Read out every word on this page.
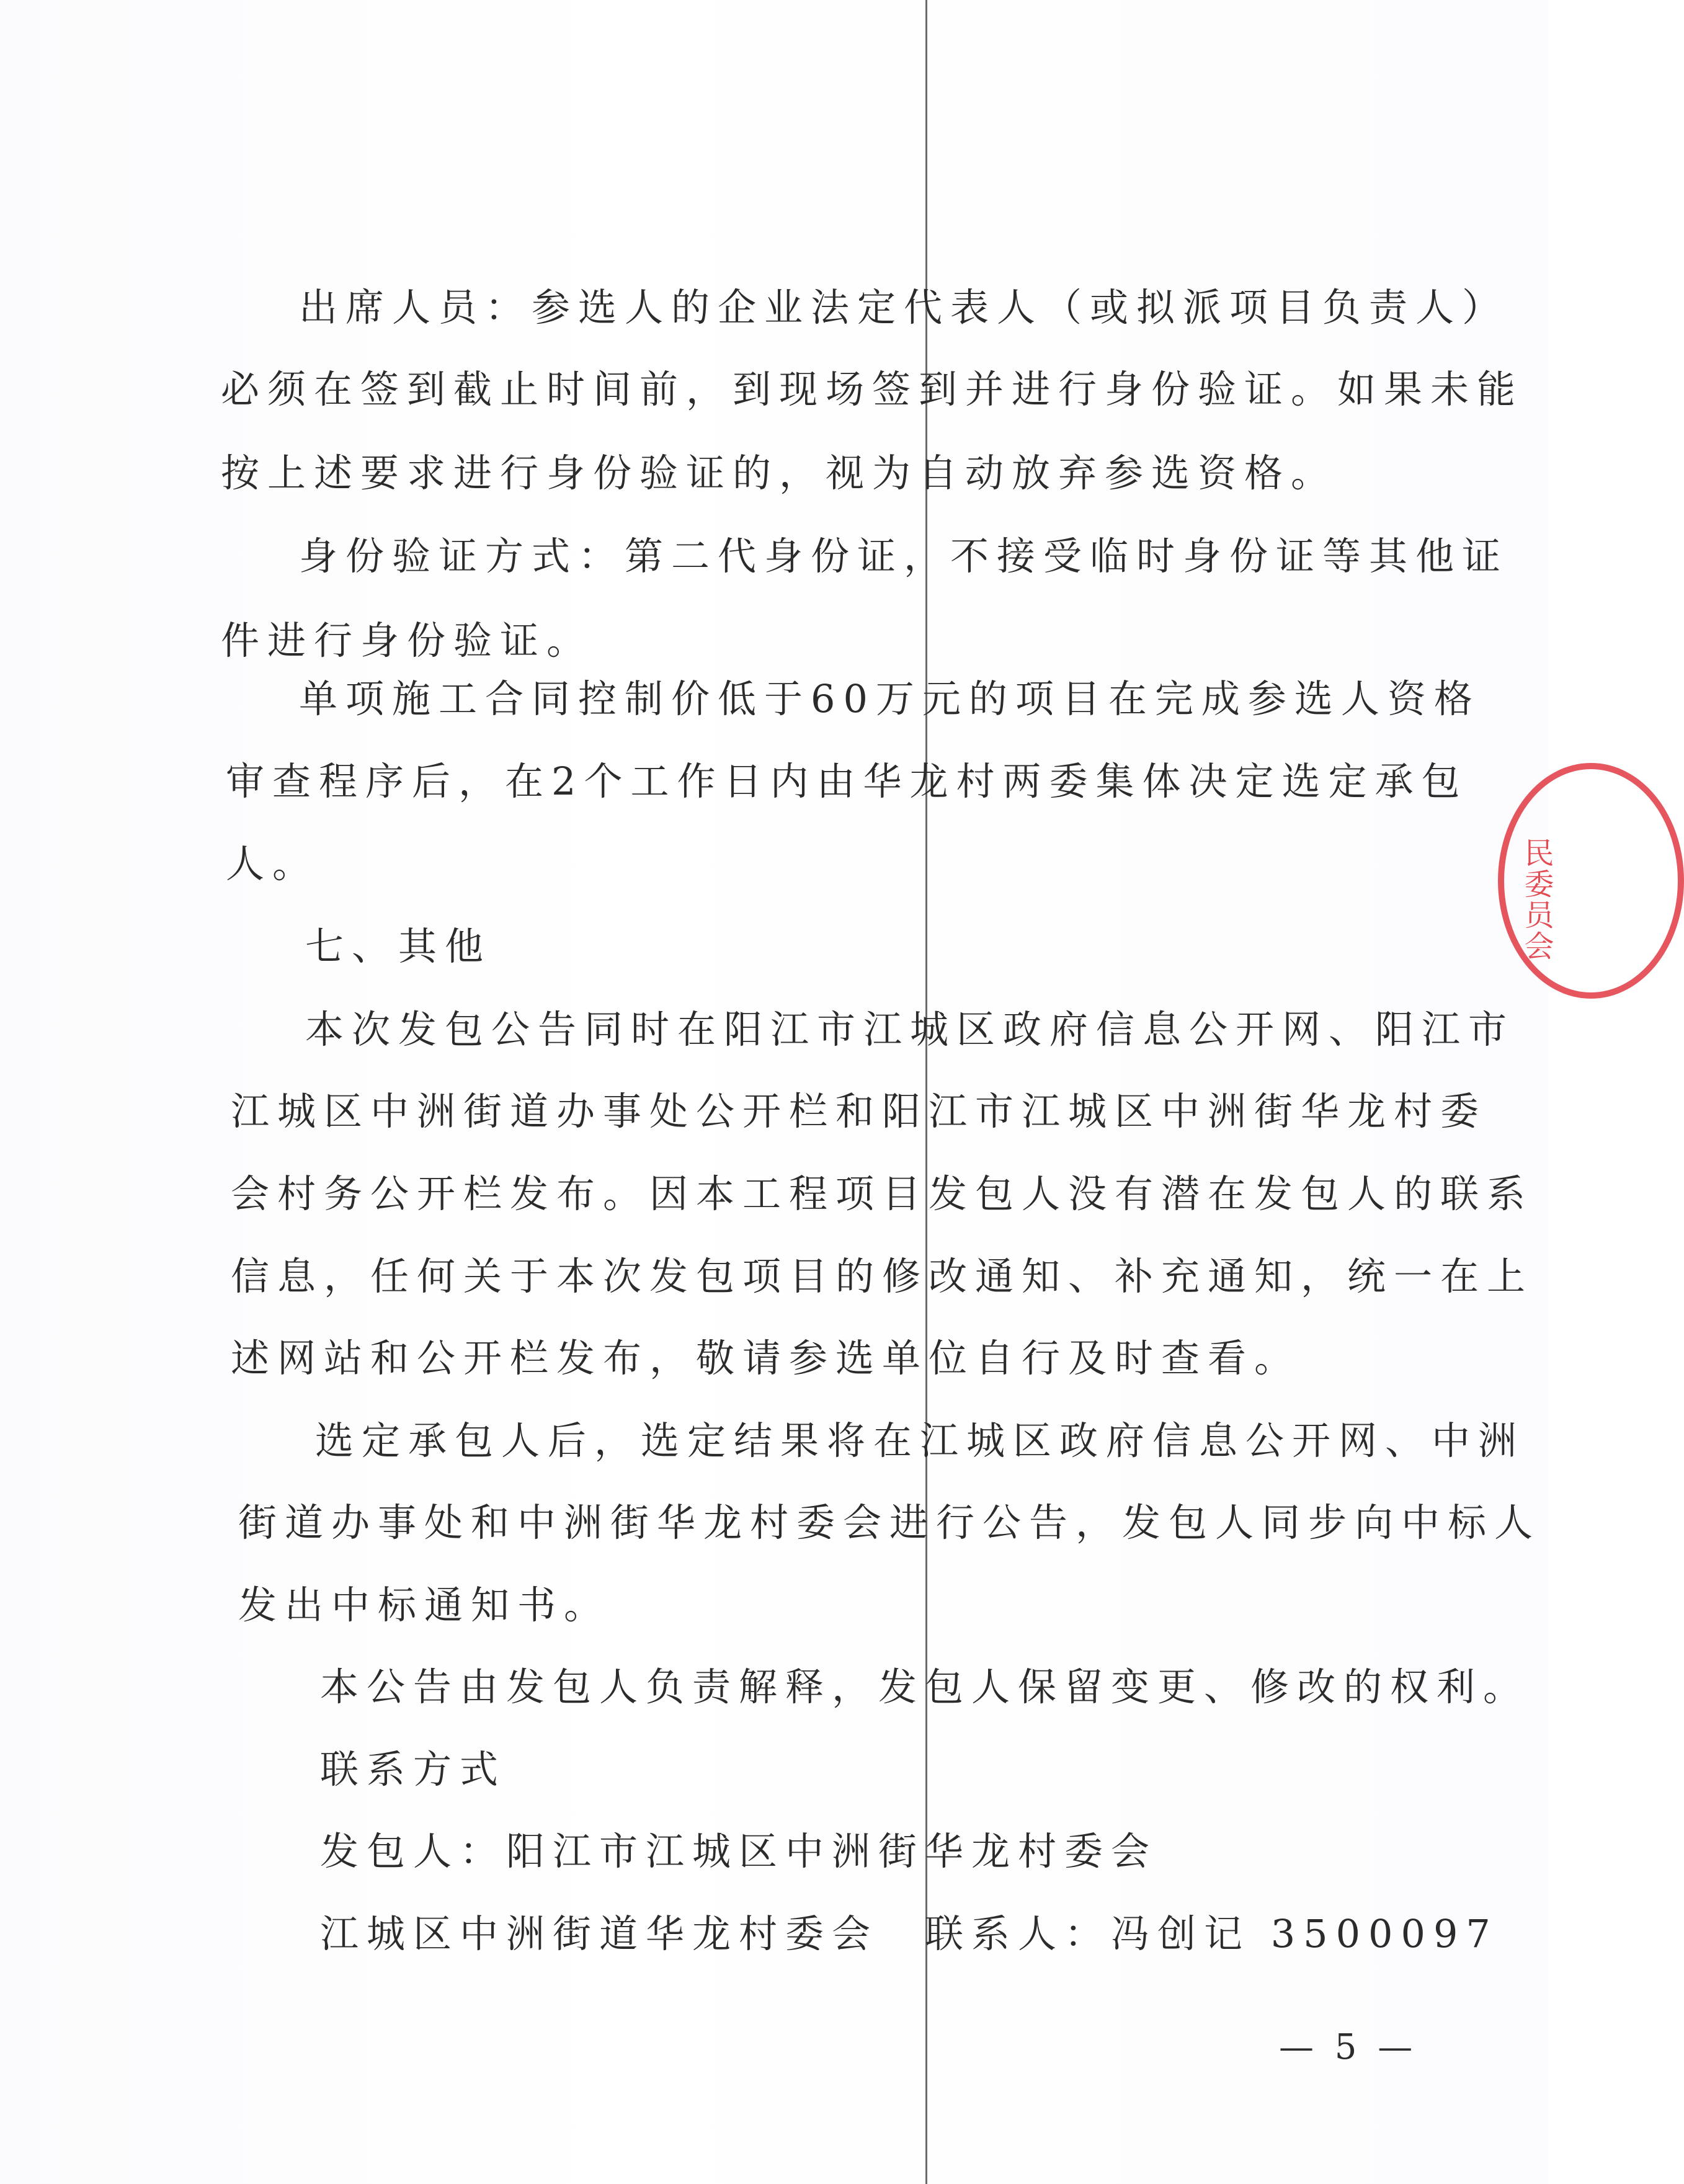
出席人员：参选人的企业法定代表人（或拟派项目负责人）
必须在签到截止时间前，到现场签到并进行身份验证。如果未能
按上述要求进行身份验证的，视为自动放弃参选资格。
身份验证方式：第二代身份证，不接受临时身份证等其他证
件进行身份验证。
单项施工合同控制价低于60万元的项目在完成参选人资格
审查程序后，在2个工作日内由华龙村两委集体决定选定承包
人。
七、其他
本次发包公告同时在阳江市江城区政府信息公开网、阳江市
江城区中洲街道办事处公开栏和阳江市江城区中洲街华龙村委
会村务公开栏发布。因本工程项目发包人没有潜在发包人的联系
信息，任何关于本次发包项目的修改通知、补充通知，统一在上
述网站和公开栏发布，敬请参选单位自行及时查看。
选定承包人后，选定结果将在江城区政府信息公开网、中洲
街道办事处和中洲街华龙村委会进行公告，发包人同步向中标人
发出中标通知书。
本公告由发包人负责解释，发包人保留变更、修改的权利。
联系方式
发包人：阳江市江城区中洲街华龙村委会
江城区中洲街道华龙村委会　联系人：冯创记 3500097
— 5 —
民委员会
